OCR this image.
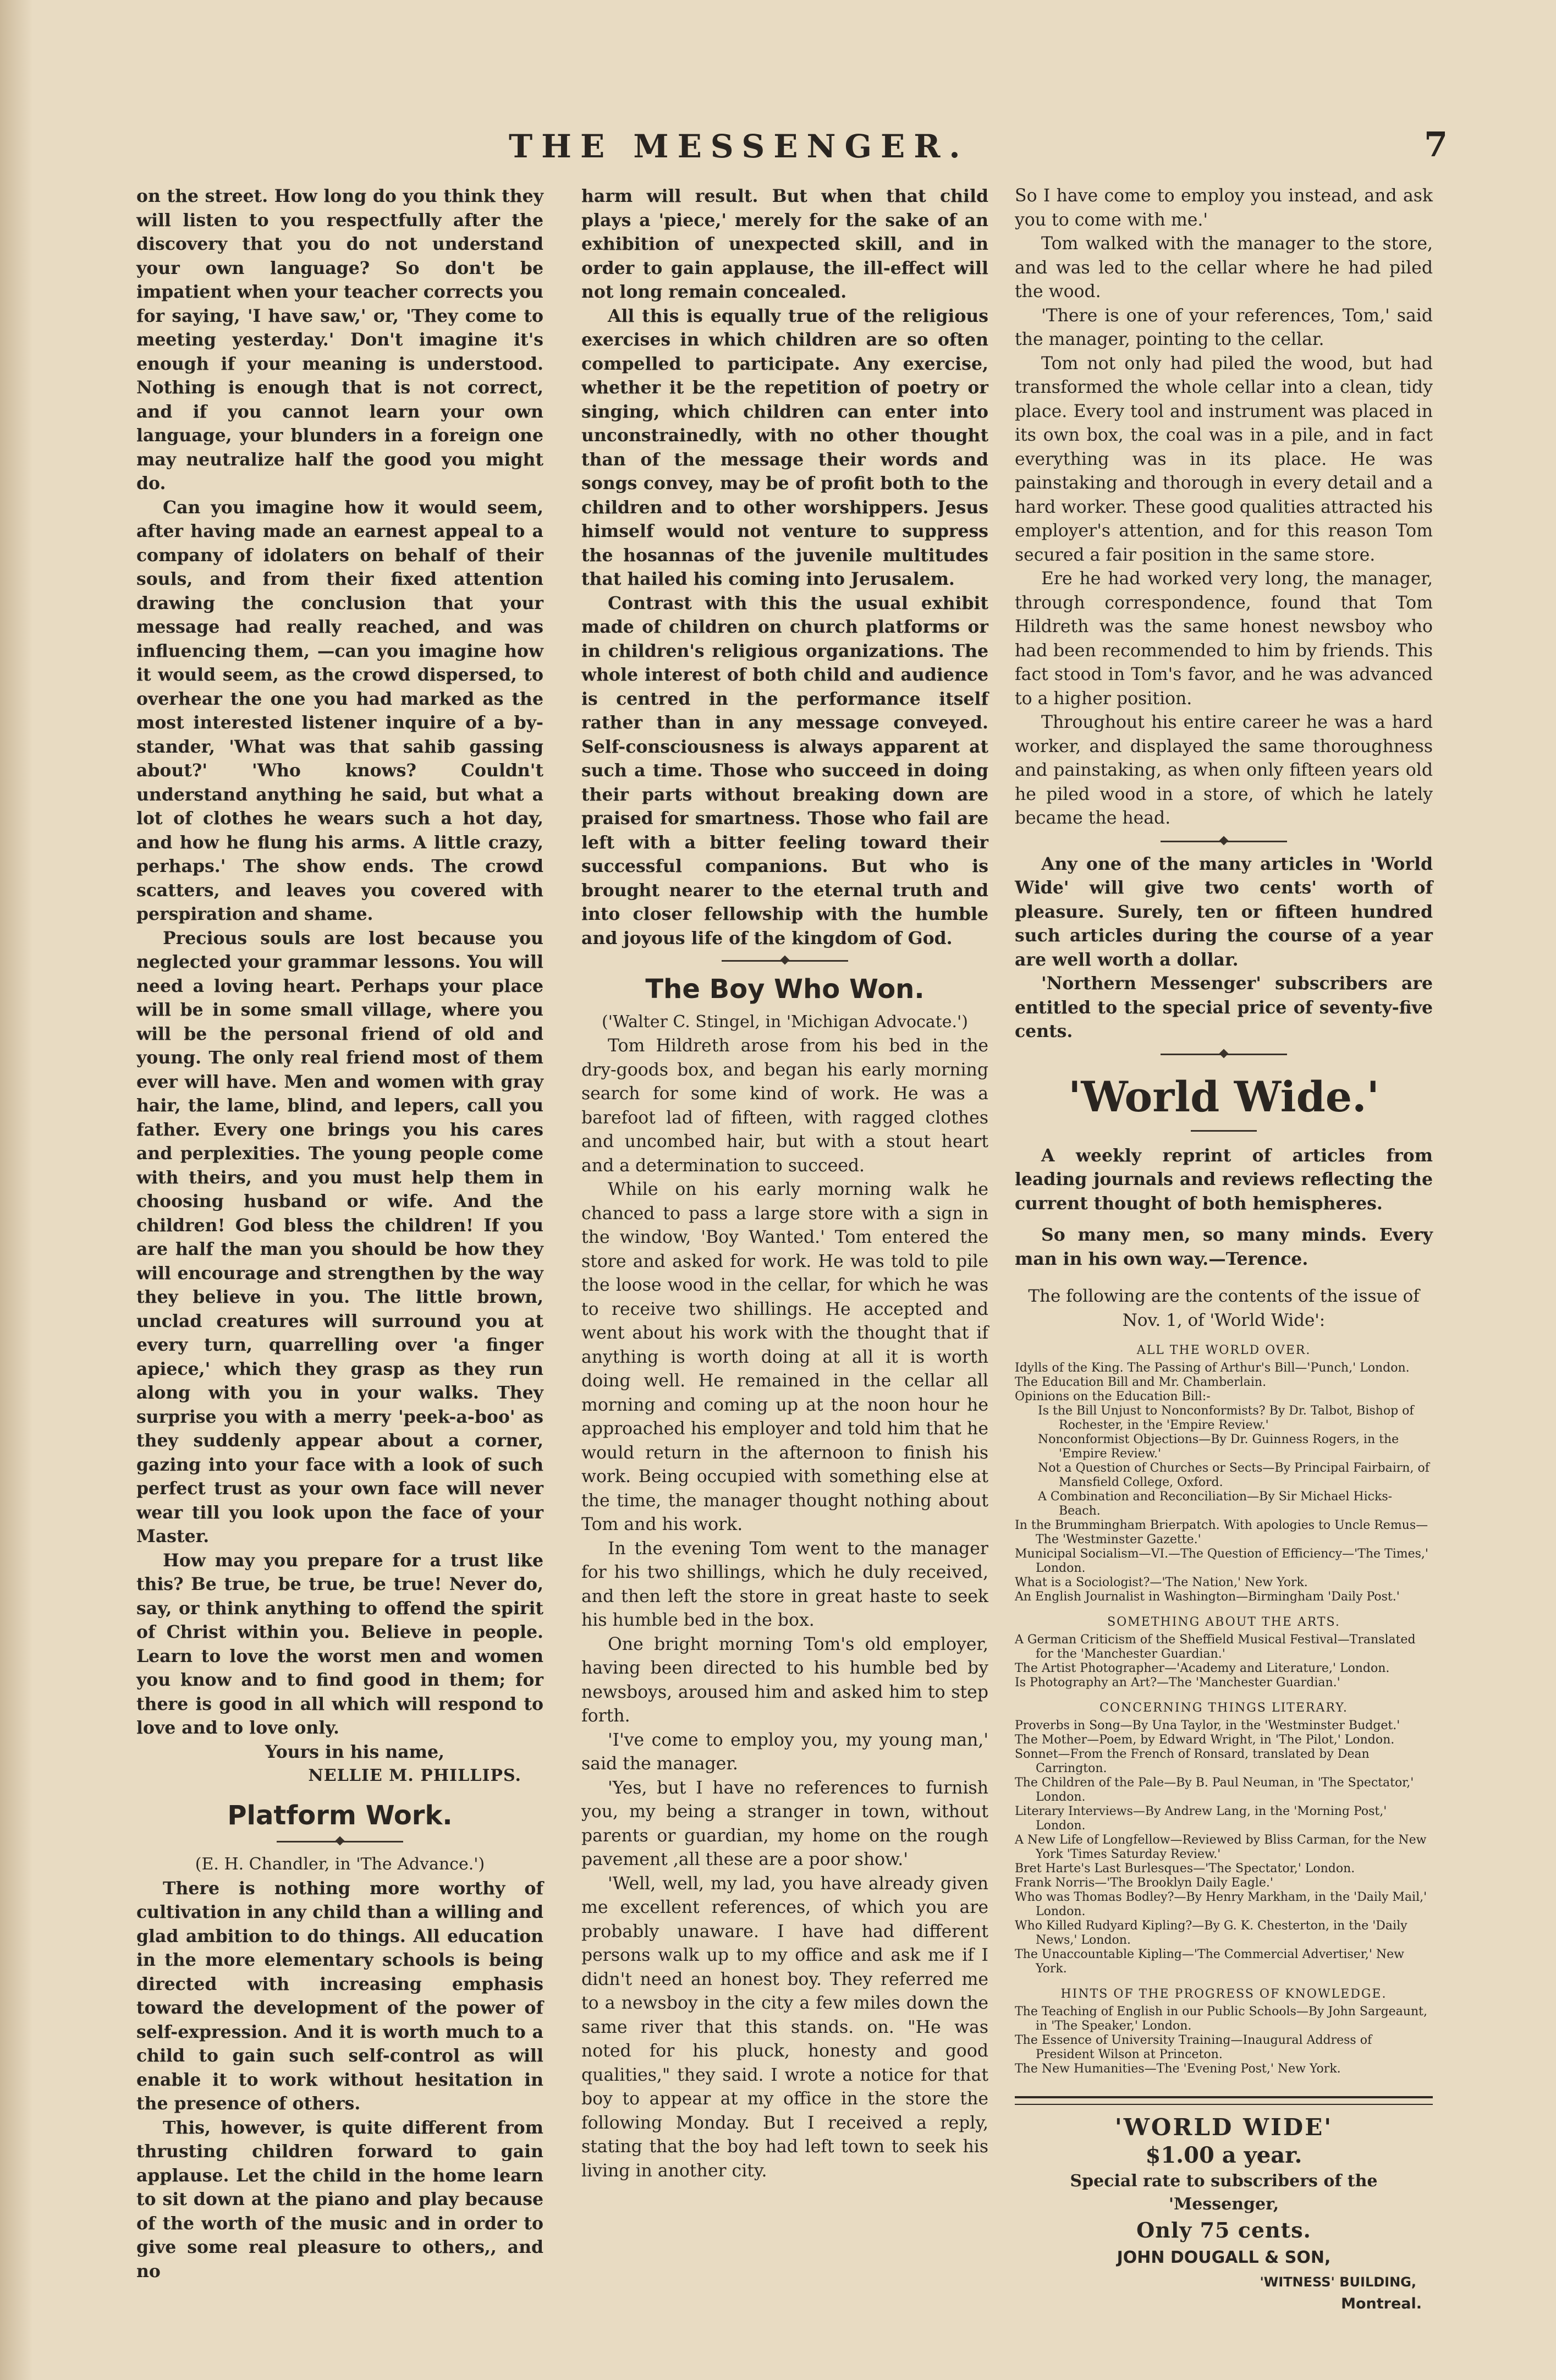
THE MESSENGER.	7

on the street. How long do you think they will listen to you respectfully after the discovery that you do not understand your own language? So don't be impatient when your teacher corrects you for saying, 'I have saw,' or, 'They come to meeting yesterday.' Don't imagine it's enough if your meaning is understood. Nothing is enough that is not correct, and if you cannot learn your own language, your blunders in a foreign one may neutralize half the good you might do.

Can you imagine how it would seem, after having made an earnest appeal to a company of idolaters on behalf of their souls, and from their fixed attention drawing the conclusion that your message had really reached, and was influencing them, —can you imagine how it would seem, as the crowd dispersed, to overhear the one you had marked as the most interested listener inquire of a by-stander, 'What was that sahib gassing about?' 'Who knows? Couldn't understand anything he said, but what a lot of clothes he wears such a hot day, and how he flung his arms. A little crazy, perhaps.' The show ends. The crowd scatters, and leaves you covered with perspiration and shame.

Precious souls are lost because you neglected your grammar lessons. You will need a loving heart. Perhaps your place will be in some small village, where you will be the personal friend of old and young. The only real friend most of them ever will have. Men and women with gray hair, the lame, blind, and lepers, call you father. Every one brings you his cares and perplexities. The young people come with theirs, and you must help them in choosing husband or wife. And the children! God bless the children! If you are half the man you should be how they will encourage and strengthen by the way they believe in you. The little brown, unclad creatures will surround you at every turn, quarrelling over 'a finger apiece,' which they grasp as they run along with you in your walks. They surprise you with a merry 'peek-a-boo' as they suddenly appear about a corner, gazing into your face with a look of such perfect trust as your own face will never wear till you look upon the face of your Master.

How may you prepare for a trust like this? Be true, be true, be true! Never do, say, or think anything to offend the spirit of Christ within you. Believe in people. Learn to love the worst men and women you know and to find good in them; for there is good in all which will respond to love and to love only.

Yours in his name,
NELLIE M. PHILLIPS.
Platform Work.
(E. H. Chandler, in 'The Advance.')

There is nothing more worthy of cultivation in any child than a willing and glad ambition to do things. All education in the more elementary schools is being directed with increasing emphasis toward the development of the power of self-expression. And it is worth much to a child to gain such self-control as will enable it to work without hesitation in the presence of others.

This, however, is quite different from thrusting children forward to gain applause. Let the child in the home learn to sit down at the piano and play because of the worth of the music and in order to give some real pleasure to others,, and no

harm will result. But when that child plays a 'piece,' merely for the sake of an exhibition of unexpected skill, and in order to gain applause, the ill-effect will not long remain concealed.

All this is equally true of the religious exercises in which children are so often compelled to participate. Any exercise, whether it be the repetition of poetry or singing, which children can enter into unconstrainedly, with no other thought than of the message their words and songs convey, may be of profit both to the children and to other worshippers. Jesus himself would not venture to suppress the hosannas of the juvenile multitudes that hailed his coming into Jerusalem.

Contrast with this the usual exhibit made of children on church platforms or in children's religious organizations. The whole interest of both child and audience is centred in the performance itself rather than in any message conveyed. Self-consciousness is always apparent at such a time. Those who succeed in doing their parts without breaking down are praised for smartness. Those who fail are left with a bitter feeling toward their successful companions. But who is brought nearer to the eternal truth and into closer fellowship with the humble and joyous life of the kingdom of God.

The Boy Who Won.
('Walter C. Stingel, in 'Michigan Advocate.')

Tom Hildreth arose from his bed in the dry-goods box, and began his early morning search for some kind of work. He was a barefoot lad of fifteen, with ragged clothes and uncombed hair, but with a stout heart and a determination to succeed.

While on his early morning walk he chanced to pass a large store with a sign in the window, 'Boy Wanted.' Tom entered the store and asked for work. He was told to pile the loose wood in the cellar, for which he was to receive two shillings. He accepted and went about his work with the thought that if anything is worth doing at all it is worth doing well. He remained in the cellar all morning and coming up at the noon hour he approached his employer and told him that he would return in the afternoon to finish his work. Being occupied with something else at the time, the manager thought nothing about Tom and his work.

In the evening Tom went to the manager for his two shillings, which he duly received, and then left the store in great haste to seek his humble bed in the box.

One bright morning Tom's old employer, having been directed to his humble bed by newsboys, aroused him and asked him to step forth.

'I've come to employ you, my young man,' said the manager.

'Yes, but I have no references to furnish you, my being a stranger in town, without parents or guardian, my home on the rough pavement ,all these are a poor show.'

'Well, well, my lad, you have already given me excellent references, of which you are probably unaware. I have had different persons walk up to my office and ask me if I didn't need an honest boy. They referred me to a newsboy in the city a few miles down the same river that this stands. on. "He was noted for his pluck, honesty and good qualities," they said. I wrote a notice for that boy to appear at my office in the store the following Monday. But I received a reply, stating that the boy had left town to seek his living in another city.

So I have come to employ you instead, and ask you to come with me.'

Tom walked with the manager to the store, and was led to the cellar where he had piled the wood.

'There is one of your references, Tom,' said the manager, pointing to the cellar.

Tom not only had piled the wood, but had transformed the whole cellar into a clean, tidy place. Every tool and instrument was placed in its own box, the coal was in a pile, and in fact everything was in its place. He was painstaking and thorough in every detail and a hard worker. These good qualities attracted his employer's attention, and for this reason Tom secured a fair position in the same store.

Ere he had worked very long, the manager, through correspondence, found that Tom Hildreth was the same honest newsboy who had been recommended to him by friends. This fact stood in Tom's favor, and he was advanced to a higher position.

Throughout his entire career he was a hard worker, and displayed the same thoroughness and painstaking, as when only fifteen years old he piled wood in a store, of which he lately became the head.

Any one of the many articles in 'World Wide' will give two cents' worth of pleasure. Surely, ten or fifteen hundred such articles during the course of a year are well worth a dollar.

'Northern Messenger' subscribers are entitled to the special price of seventy-five cents.

'World Wide.'

A weekly reprint of articles from leading journals and reviews reflecting the current thought of both hemispheres.

So many men, so many minds. Every man in his own way.—Terence.

The following are the contents of the issue of Nov. 1, of 'World Wide':
ALL THE WORLD OVER.

Idylls of the King. The Passing of Arthur's Bill—'Punch,' London.

The Education Bill and Mr. Chamberlain.

Opinions on the Education Bill:-

Is the Bill Unjust to Nonconformists? By Dr. Talbot, Bishop of Rochester, in the 'Empire Review.'

Nonconformist Objections—By Dr. Guinness Rogers, in the 'Empire Review.'

Not a Question of Churches or Sects—By Principal Fairbairn, of Mansfield College, Oxford.

A Combination and Reconciliation—By Sir Michael Hicks-Beach.

In the Brummingham Brierpatch. With apologies to Uncle Remus—The 'Westminster Gazette.'

Municipal Socialism—VI.—The Question of Efficiency—'The Times,' London.

What is a Sociologist?—'The Nation,' New York.

An English Journalist in Washington—Birmingham 'Daily Post.'

SOMETHING ABOUT THE ARTS.

A German Criticism of the Sheffield Musical Festival—Translated for the 'Manchester Guardian.'

The Artist Photographer—'Academy and Literature,' London.

Is Photography an Art?—The 'Manchester Guardian.'

CONCERNING THINGS LITERARY.

Proverbs in Song—By Una Taylor, in the 'Westminster Budget.'

The Mother—Poem, by Edward Wright, in 'The Pilot,' London.

Sonnet—From the French of Ronsard, translated by Dean Carrington.

The Children of the Pale—By B. Paul Neuman, in 'The Spectator,' London.

Literary Interviews—By Andrew Lang, in the 'Morning Post,' London.

A New Life of Longfellow—Reviewed by Bliss Carman, for the New York 'Times Saturday Review.'

Bret Harte's Last Burlesques—'The Spectator,' London.

Frank Norris—'The Brooklyn Daily Eagle.'

Who was Thomas Bodley?—By Henry Markham, in the 'Daily Mail,' London.

Who Killed Rudyard Kipling?—By G. K. Chesterton, in the 'Daily News,' London.

The Unaccountable Kipling—'The Commercial Advertiser,' New York.

HINTS OF THE PROGRESS OF KNOWLEDGE.

The Teaching of English in our Public Schools—By John Sargeaunt, in 'The Speaker,' London.

The Essence of University Training—Inaugural Address of President Wilson at Princeton.

The New Humanities—The 'Evening Post,' New York.

'WORLD WIDE'
$1.00 a year.
Special rate to subscribers of the 'Messenger,
Only 75 cents.
JOHN DOUGALL & SON,
'WITNESS' BUILDING,
Montreal.
